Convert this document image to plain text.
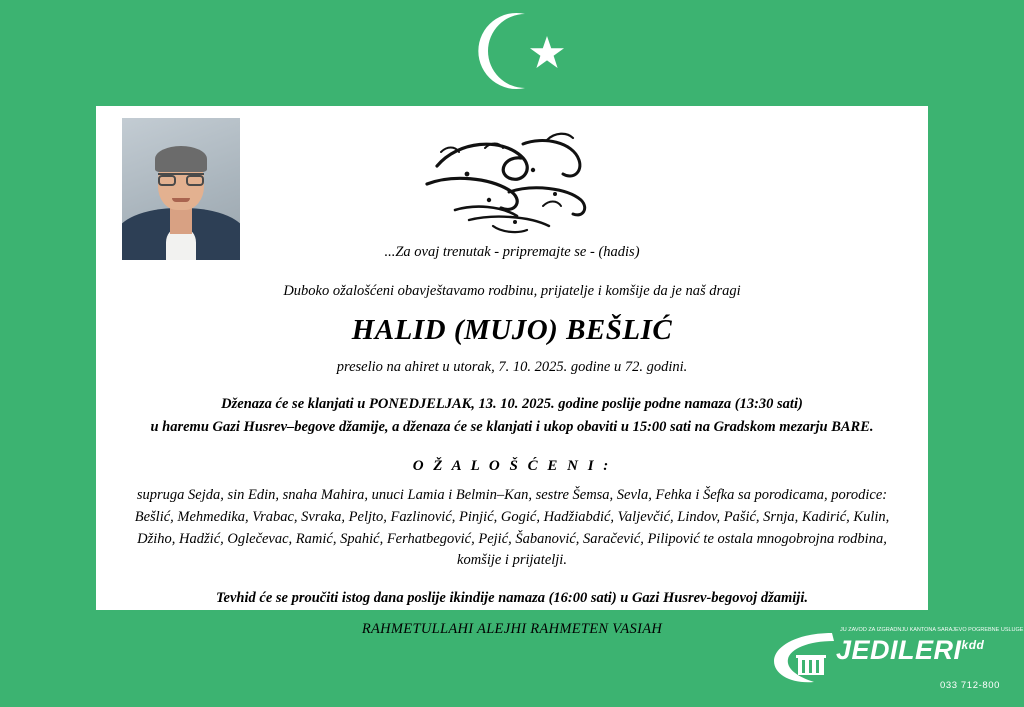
...Za ovaj trenutak - pripremajte se - (hadis)

Duboko ožalošćeni obavještavamo rodbinu, prijatelje i komšije da je naš dragi

HALID (MUJO) BEŠLIĆ

preselio na ahiret u utorak, 7. 10. 2025. godine u 72. godini.

Dženaza će se klanjati u PONEDJELJAK, 13. 10. 2025. godine poslije podne namaza (13:30 sati)

u haremu Gazi Husrev–begove džamije, a dženaza će se klanjati i ukop obaviti u 15:00 sati na Gradskom mezarju BARE.

O Ž A L O Š Ć E N I :

supruga Sejda, sin Edin, snaha Mahira, unuci Lamia i Belmin–Kan, sestre Šemsa, Sevla, Fehka i Šefka sa porodicama, porodice: Bešlić, Mehmedika, Vrabac, Svraka, Peljto, Fazlinović, Pinjić, Gogić, Hadžiabdić, Valjevčić, Lindov, Pašić, Srnja, Kadirić, Kulin, Džiho, Hadžić, Oglečevac, Ramić, Spahić, Ferhatbegović, Pejić, Šabanović, Saračević, Pilipović te ostala mnogobrojna rodbina, komšije i prijatelji.

Tevhid će se proučiti istog dana poslije ikindije namaza (16:00 sati) u Gazi Husrev-begovoj džamiji.

RAHMETULLAHI ALEJHI RAHMETEN VASIAH	JU ZAVOD ZA IZGRADNJU KANTONA SARAJEVO POGREBNE USLUGE
$JEDILERI^{kdd}$
033 712-800
